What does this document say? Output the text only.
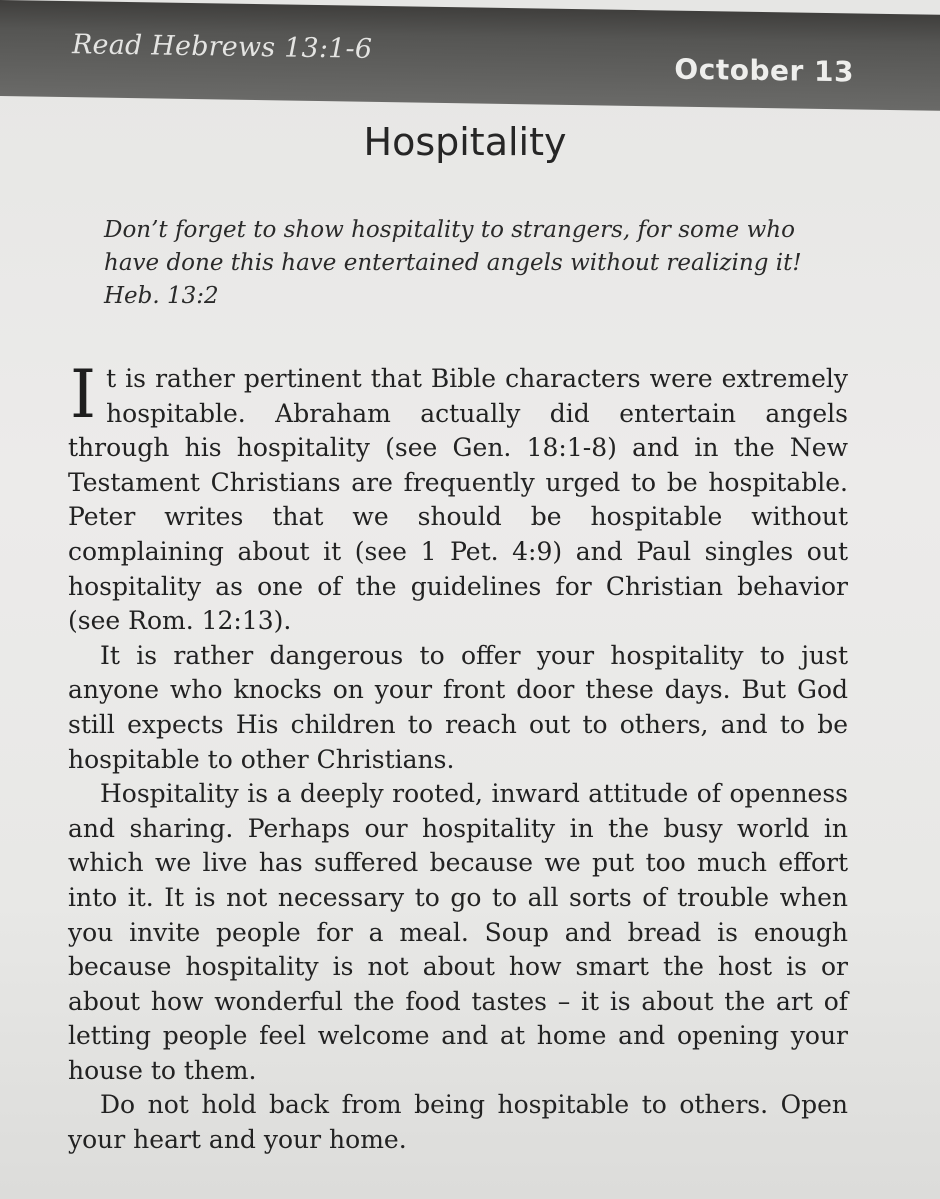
Read Hebrews 13:1-6

October 13

Hospitality
Don’t forget to show hospitality to strangers, for some who have done this have entertained angels without realizing it!
Heb. 13:2

It is rather pertinent that Bible characters were extremely hospitable. Abraham actually did entertain angels through his hospitality (see Gen. 18:1-8) and in the New Testament Christians are frequently urged to be hospitable. Peter writes that we should be hospitable without complaining about it (see 1 Pet. 4:9) and Paul singles out hospitality as one of the guidelines for Christian behavior (see Rom. 12:13).

It is rather dangerous to offer your hospitality to just anyone who knocks on your front door these days. But God still expects His children to reach out to others, and to be hospitable to other Christians.

Hospitality is a deeply rooted, inward attitude of openness and sharing. Perhaps our hospitality in the busy world in which we live has suffered because we put too much effort into it. It is not necessary to go to all sorts of trouble when you invite people for a meal. Soup and bread is enough because hospitality is not about how smart the host is or about how wonderful the food tastes – it is about the art of letting people feel welcome and at home and opening your house to them.

Do not hold back from being hospitable to others. Open your heart and your home.
